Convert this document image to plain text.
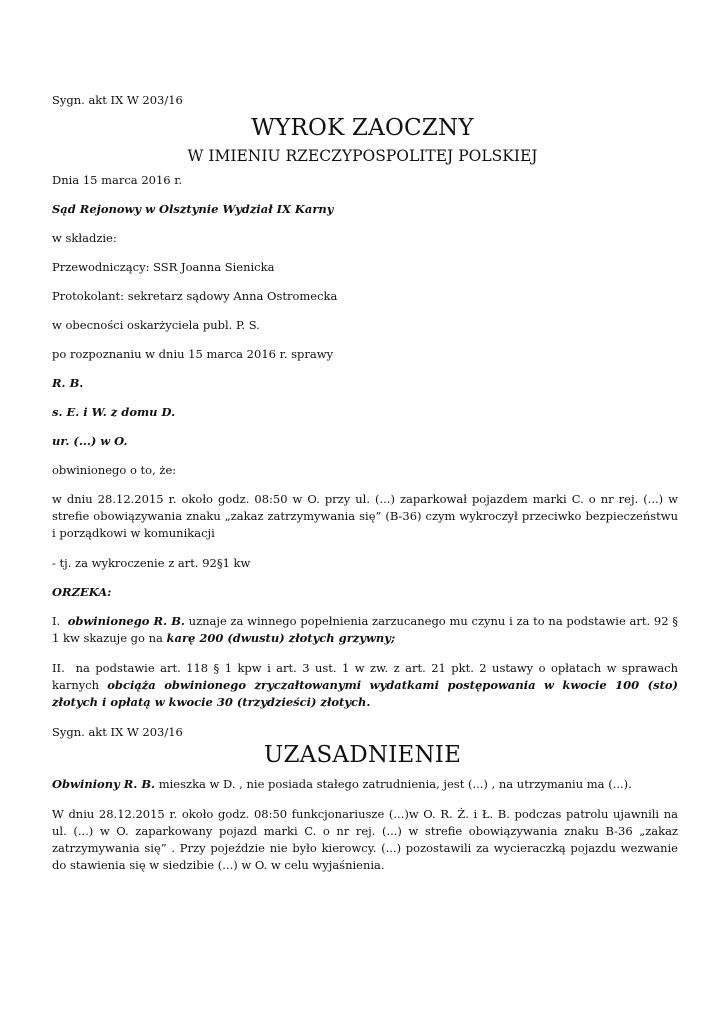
Sygn. akt IX W 203/16
WYROK ZAOCZNY
W IMIENIU RZECZYPOSPOLITEJ POLSKIEJ
Dnia 15 marca 2016 r.
Sąd Rejonowy w Olsztynie Wydział IX Karny
w składzie:
Przewodniczący: SSR Joanna Sienicka
Protokolant: sekretarz sądowy Anna Ostromecka
w obecności oskarżyciela publ. P. S.
po rozpoznaniu w dniu 15 marca 2016 r. sprawy
R. B.
s. E. i W. z domu D.
ur. (...) w O.
obwinionego o to, że:
w dniu 28.12.2015 r. około godz. 08:50 w O. przy ul. (...) zaparkował pojazdem marki C. o nr rej. (...) w strefie obowiązywania znaku „zakaz zatrzymywania się” (B-36) czym wykroczył przeciwko bezpieczeństwu i porządkowi w komunikacji
- tj. za wykroczenie z art. 92§1 kw
ORZEKA:
I. obwinionego R. B. uznaje za winnego popełnienia zarzucanego mu czynu i za to na podstawie art. 92 § 1 kw skazuje go na karę 200 (dwustu) złotych grzywny;
II. na podstawie art. 118 § 1 kpw i art. 3 ust. 1 w zw. z art. 21 pkt. 2 ustawy o opłatach w sprawach karnych obciąża obwinionego zryczałtowanymi wydatkami postępowania w kwocie 100 (sto) złotych i opłatą w kwocie 30 (trzydzieści) złotych.
Sygn. akt IX W 203/16
UZASADNIENIE
Obwiniony R. B. mieszka w D. , nie posiada stałego zatrudnienia, jest (...) , na utrzymaniu ma (...).
W dniu 28.12.2015 r. około godz. 08:50 funkcjonariusze (...)w O. R. Ż. i Ł. B. podczas patrolu ujawnili na ul. (...) w O. zaparkowany pojazd marki C. o nr rej. (...) w strefie obowiązywania znaku B-36 „zakaz zatrzymywania się” . Przy pojeździe nie było kierowcy. (...) pozostawili za wycieraczką pojazdu wezwanie do stawienia się w siedzibie (...) w O. w celu wyjaśnienia.
